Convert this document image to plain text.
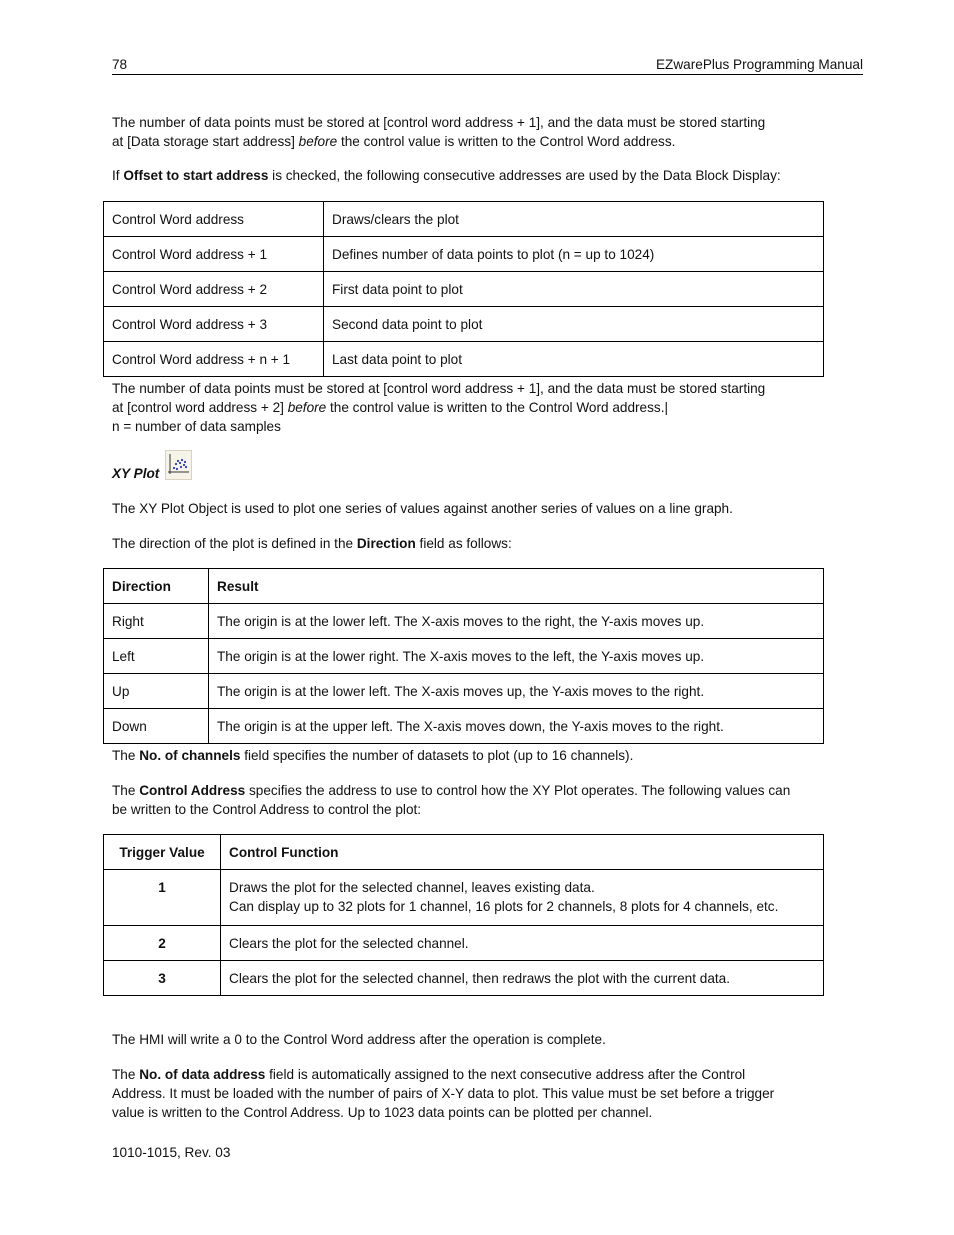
78	EZwarePlus Programming Manual

The number of data points must be stored at [control word address + 1], and the data must be stored starting

at [Data storage start address] before the control value is written to the Control Word address.

If Offset to start address is checked, the following consecutive addresses are used by the Data Block Display:

Control Word address	Draws/clears the plot
Control Word address + 1	Defines number of data points to plot (n = up to 1024)
Control Word address + 2	First data point to plot
Control Word address + 3	Second data point to plot
Control Word address + n + 1	Last data point to plot

The number of data points must be stored at [control word address + 1], and the data must be stored starting

at [control word address + 2] before the control value is written to the Control Word address.|

n = number of data samples

XY Plot

The XY Plot Object is used to plot one series of values against another series of values on a line graph.

The direction of the plot is defined in the Direction field as follows:

Direction	Result
Right	The origin is at the lower left. The X-axis moves to the right, the Y-axis moves up.
Left	The origin is at the lower right. The X-axis moves to the left, the Y-axis moves up.
Up	The origin is at the lower left. The X-axis moves up, the Y-axis moves to the right.
Down	The origin is at the upper left. The X-axis moves down, the Y-axis moves to the right.

The No. of channels field specifies the number of datasets to plot (up to 16 channels).

The Control Address specifies the address to use to control how the XY Plot operates. The following values can

be written to the Control Address to control the plot:

Trigger Value	Control Function
1	Draws the plot for the selected channel, leaves existing data.
Can display up to 32 plots for 1 channel, 16 plots for 2 channels, 8 plots for 4 channels, etc.

2	Clears the plot for the selected channel.

3	Clears the plot for the selected channel, then redraws the plot with the current data.

The HMI will write a 0 to the Control Word address after the operation is complete.

The No. of data address field is automatically assigned to the next consecutive address after the Control

Address. It must be loaded with the number of pairs of X-Y data to plot. This value must be set before a trigger

value is written to the Control Address. Up to 1023 data points can be plotted per channel.

1010-1015, Rev. 03
